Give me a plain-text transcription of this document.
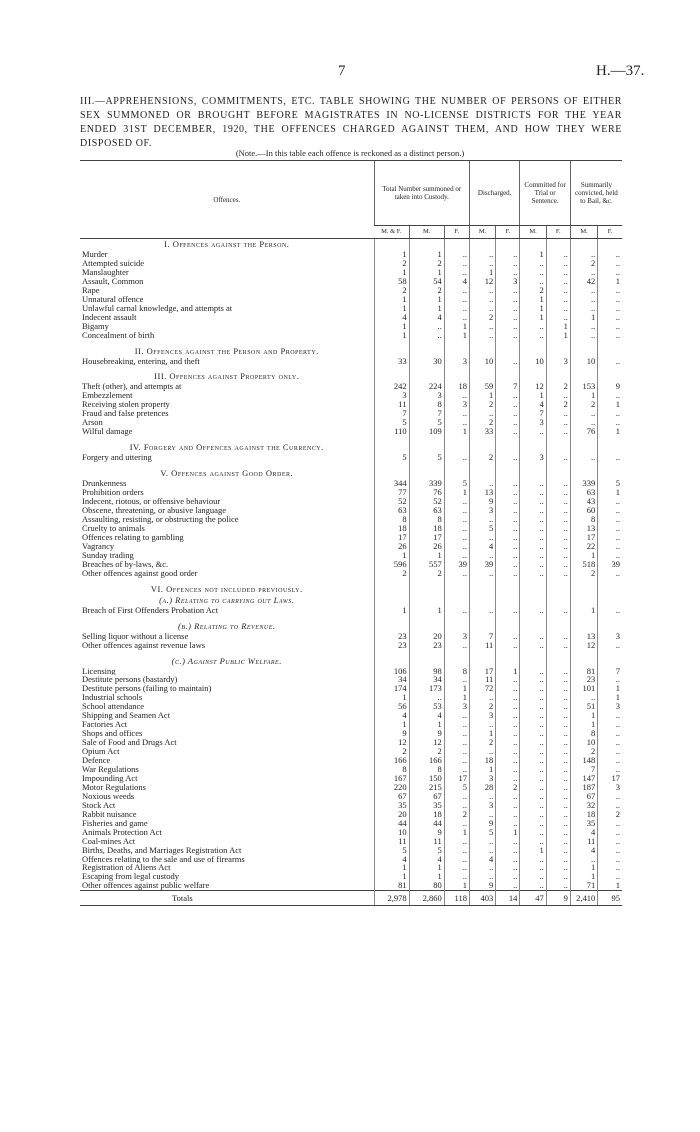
7	H.—37.
III.—APPREHENSIONS, COMMITMENTS, ETC. TABLE SHOWING THE NUMBER OF PERSONS OF EITHER SEX SUMMONED OR BROUGHT BEFORE MAGISTRATES IN NO-LICENSE DISTRICTS FOR THE YEAR ENDED 31ST DECEMBER, 1920, THE OFFENCES CHARGED AGAINST THEM, AND HOW THEY WERE DISPOSED OF.
(Note.—In this table each offence is reckoned as a distinct person.)
Offences.	Total Number summoned or taken into Custody.			Discharged.		Committed for Trial or Sentence.		Summarily convicted, held to Bail, &c.	
	M. & F.	M.	F.	M.	F.	M.	F.	M.	F.
I. Offences against the Person.									
Murder	1	1	..	..	..	1	..	..	..
Attempted suicide	2	2	..	..	..	..	..	2	..
Manslaughter	1	1	..	1	..	..	..	..	..
Assault, Common	58	54	4	12	3	..	..	42	1
Rape	2	2	..	..	..	2	..	..	..
Unnatural offence	1	1	..	..	..	1	..	..	..
Unlawful carnal knowledge, and attempts at	1	1	..	..	..	1	..	..	..
Indecent assault	4	4	..	2	..	1	..	1	..
Bigamy	1	..	1	..	..	..	1	..	..
Concealment of birth	1	..	1	..	..	..	1	..	..

II. Offences against the Person and Property.									
Housebreaking, entering, and theft	33	30	3	10	..	10	3	10	..

III. Offences against Property only.									
Theft (other), and attempts at	242	224	18	59	7	12	2	153	9
Embezzlement	3	3	..	1	..	1	..	1	..
Receiving stolen property	11	8	3	2	..	4	2	2	1
Fraud and false pretences	7	7	..	..	..	7	..	..	..
Arson	5	5	..	2	..	3	..	..	..
Wilful damage	110	109	1	33	..	..	..	76	1

IV. Forgery and Offences against the Currency.									
Forgery and uttering	5	5	..	2	..	3	..	..	..

V. Offences against Good Order.									
Drunkenness	344	339	5	..	..	..	..	339	5
Prohibition orders	77	76	1	13	..	..	..	63	1
Indecent, riotous, or offensive behaviour	52	52	..	9	..	..	..	43	..
Obscene, threatening, or abusive language	63	63	..	3	..	..	..	60	..
Assaulting, resisting, or obstructing the police	8	8	..	..	..	..	..	8	..
Cruelty to animals	18	18	..	5	..	..	..	13	..
Offences relating to gambling	17	17	..	..	..	..	..	17	..
Vagrancy	26	26	..	4	..	..	..	22	..
Sunday trading	1	1	..	..	..	..	..	1	..
Breaches of by-laws, &c.	596	557	39	39	..	..	..	518	39
Other offences against good order	2	2	..	..	..	..	..	2	..

VI. Offences not included previously.									
(a.) Relating to carrying out Laws.									
Breach of First Offenders Probation Act	1	1	..	..	..	..	..	1	..

(b.) Relating to Revenue.									
Selling liquor without a license	23	20	3	7	..	..	..	13	3
Other offences against revenue laws	23	23	..	11	..	..	..	12	..

(c.) Against Public Welfare.									
Licensing	106	98	8	17	1	..	..	81	7
Destitute persons (bastardy)	34	34	..	11	..	..	..	23	..
Destitute persons (failing to maintain)	174	173	1	72	..	..	..	101	1
Industrial schools	1	..	1	..	..	..	..	..	1
School attendance	56	53	3	2	..	..	..	51	3
Shipping and Seamen Act	4	4	..	3	..	..	..	1	..
Factories Act	1	1	..	..	..	..	..	1	..
Shops and offices	9	9	..	1	..	..	..	8	..
Sale of Food and Drugs Act	12	12	..	2	..	..	..	10	..
Opium Act	2	2	..	..	..	..	..	2	..
Defence	166	166	..	18	..	..	..	148	..
War Regulations	8	8	..	1	..	..	..	7	..
Impounding Act	167	150	17	3	..	..	..	147	17
Motor Regulations	220	215	5	28	2	..	..	187	3
Noxious weeds	67	67	..	..	..	..	..	67	..
Stock Act	35	35	..	3	..	..	..	32	..
Rabbit nuisance	20	18	2	..	..	..	..	18	2
Fisheries and game	44	44	..	9	..	..	..	35	..
Animals Protection Act	10	9	1	5	1	..	..	4	..
Coal-mines Act	11	11	..	..	..	..	..	11	..
Births, Deaths, and Marriages Registration Act	5	5	..	..	..	1	..	4	..
Offences relating to the sale and use of firearms	4	4	..	4	..	..	..	..	..
Registration of Aliens Act	1	1	..	..	..	..	..	1	..
Escaping from legal custody	1	1	..	..	..	..	..	1	..
Other offences against public welfare	81	80	1	9	..	..	..	71	1
Totals	2,978	2,860	118	403	14	47	9	2,410	95
